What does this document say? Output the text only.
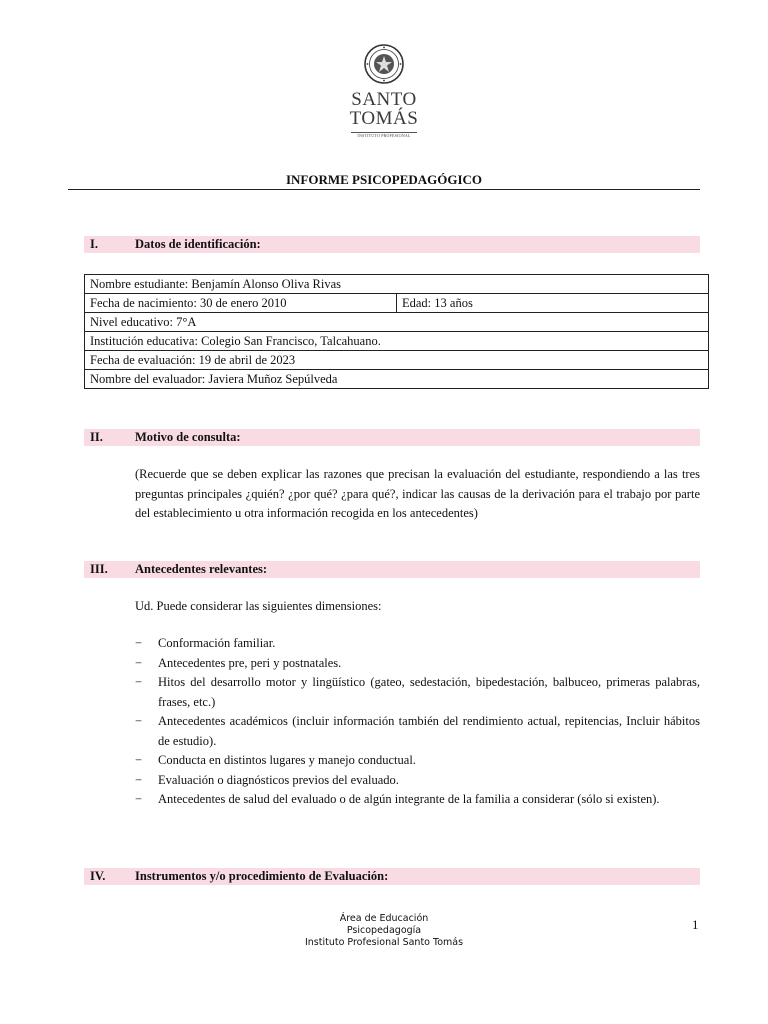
SANTO
TOMÁS
INSTITUTO PROFESIONAL
INFORME PSICOPEDAGÓGICO
I.	Datos de identificación:
Nombre estudiante: Benjamín Alonso Oliva Rivas
Fecha de nacimiento: 30 de enero 2010	Edad: 13 años
Nivel educativo: 7°A
Institución educativa: Colegio San Francisco, Talcahuano.
Fecha de evaluación: 19 de abril de 2023
Nombre del evaluador: Javiera Muñoz Sepúlveda
II.	Motivo de consulta:
(Recuerde que se deben explicar las razones que precisan la evaluación del estudiante, respondiendo a las tres preguntas principales ¿quién? ¿por qué? ¿para qué?, indicar las causas de la derivación para el trabajo por parte del establecimiento u otra información recogida en los antecedentes)
III. Antecedentes relevantes:
Ud. Puede considerar las siguientes dimensiones:
− Conformación familiar.
− Antecedentes pre, peri y postnatales.
− Hitos del desarrollo motor y lingüístico (gateo, sedestación, bipedestación, balbuceo, primeras palabras, frases, etc.)
− Antecedentes académicos (incluir información también del rendimiento actual, repitencias, Incluir hábitos de estudio).
− Conducta en distintos lugares y manejo conductual.
− Evaluación o diagnósticos previos del evaluado.
− Antecedentes de salud del evaluado o de algún integrante de la familia a considerar (sólo si existen).
IV. Instrumentos y/o procedimiento de Evaluación:
Área de Educación
Psicopedagogía
Instituto Profesional Santo Tomás
1
